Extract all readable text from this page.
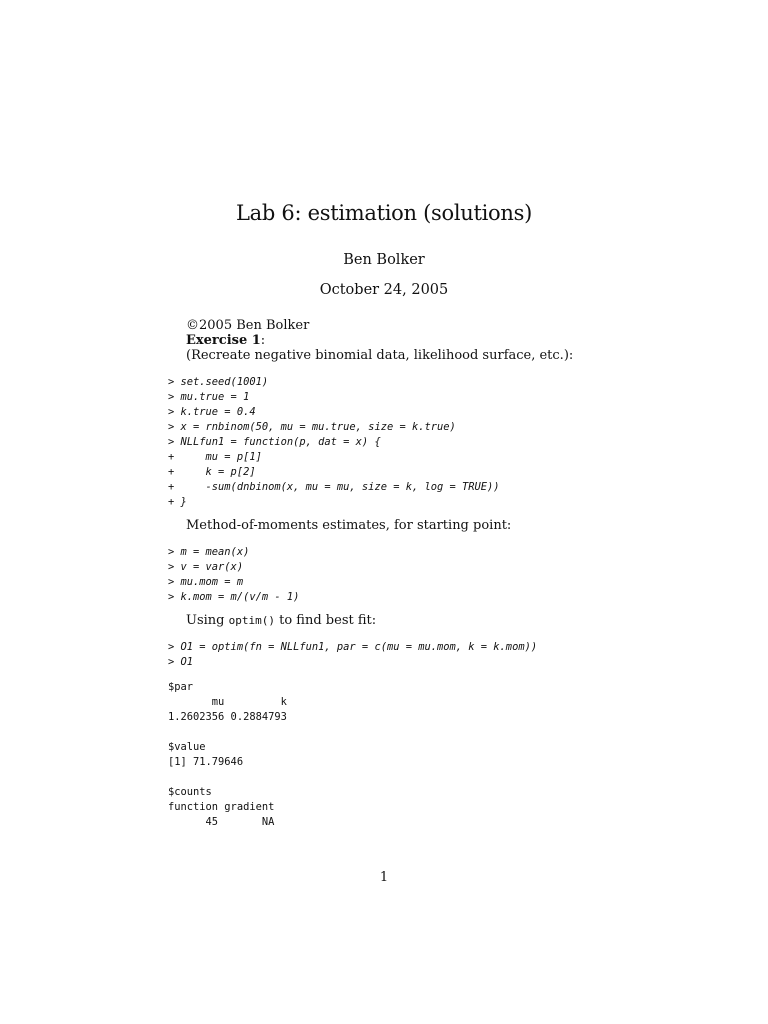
Lab 6: estimation (solutions)
Ben Bolker
October 24, 2005
©2005 Ben Bolker
Exercise 1:
(Recreate negative binomial data, likelihood surface, etc.):
> set.seed(1001)
> mu.true = 1
> k.true = 0.4
> x = rnbinom(50, mu = mu.true, size = k.true)
> NLLfun1 = function(p, dat = x) {
+     mu = p[1]
+     k = p[2]
+     -sum(dnbinom(x, mu = mu, size = k, log = TRUE))
+ }
Method-of-moments estimates, for starting point:
> m = mean(x)
> v = var(x)
> mu.mom = m
> k.mom = m/(v/m - 1)
Using optim() to find best fit:
> O1 = optim(fn = NLLfun1, par = c(mu = mu.mom, k = k.mom))
> O1
$par
mu         k
1.2602356 0.2884793

$value
[1] 71.79646

$counts
function gradient
45       NA
1
